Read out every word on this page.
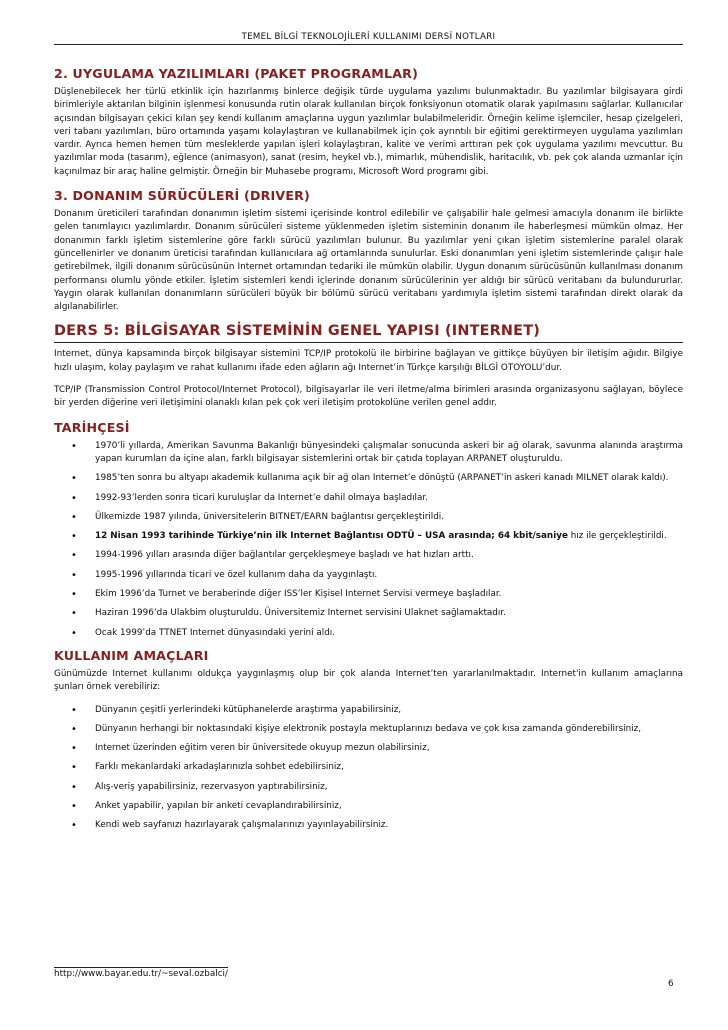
TEMEL BİLGİ TEKNOLOJİLERİ KULLANIMI DERSİ NOTLARI
2. UYGULAMA YAZILIMLARI (PAKET PROGRAMLAR)

Düşlenebilecek her türlü etkinlik için hazırlanmış binlerce değişik türde uygulama yazılımı bulunmaktadır. Bu yazılımlar bilgisayara girdi birimleriyle aktarılan bilginin işlenmesi konusunda rutin olarak kullanılan birçok fonksiyonun otomatik olarak yapılmasını sağlarlar. Kullanıcılar açısından bilgisayarı çekici kılan şey kendi kullanım amaçlarına uygun yazılımlar bulabilmeleridir. Örneğin kelime işlemciler, hesap çizelgeleri, veri tabanı yazılımları, büro ortamında yaşamı kolaylaştıran ve kullanabilmek için çok ayrıntılı bir eğitimi gerektirmeyen uygulama yazılımları vardır. Ayrıca hemen hemen tüm mesleklerde yapılan işleri kolaylaştıran, kalite ve verimi arttıran pek çok uygulama yazılımı mevcuttur. Bu yazılımlar moda (tasarım), eğlence (animasyon), sanat (resim, heykel vb.), mimarlık, mühendislik, haritacılık, vb. pek çok alanda uzmanlar için kaçınılmaz bir araç haline gelmiştir. Örneğin bir Muhasebe programı, Microsoft Word programı gibi.

3. DONANIM SÜRÜCÜLERİ (DRIVER)

Donanım üreticileri tarafından donanımın işletim sistemi içerisinde kontrol edilebilir ve çalışabilir hale gelmesi amacıyla donanım ile birlikte gelen tanımlayıcı yazılımlardır. Donanım sürücüleri sisteme yüklenmeden işletim sisteminin donanım ile haberleşmesi mümkün olmaz. Her donanımın farklı işletim sistemlerine göre farklı sürücü yazılımları bulunur. Bu yazılımlar yeni çıkan işletim sistemlerine paralel olarak güncellenirler ve donanım üreticisi tarafından kullanıcılara ağ ortamlarında sunulurlar. Eski donanımları yeni işletim sistemlerinde çalışır hale getirebilmek, ilgili donanım sürücüsünün Internet ortamından tedariki ile mümkün olabilir. Uygun donanım sürücüsünün kullanılması donanım performansı olumlu yönde etkiler. İşletim sistemleri kendi içlerinde donanım sürücülerinin yer aldığı bir sürücü veritabanı da bulundururlar. Yaygın olarak kullanılan donanımların sürücüleri büyük bir bölümü sürücü veritabanı yardımıyla işletim sistemi tarafından direkt olarak da algılanabilirler.

DERS 5: BİLGİSAYAR SİSTEMİNİN GENEL YAPISI (INTERNET)

Internet, dünya kapsamında birçok bilgisayar sistemini TCP/IP protokolü ile birbirine bağlayan ve gittikçe büyüyen bir iletişim ağıdır. Bilgiye hızlı ulaşım, kolay paylaşım ve rahat kullanımı ifade eden ağların ağı Internet’in Türkçe karşılığı BİLGİ OTOYOLU’dur.

TCP/IP (Transmission Control Protocol/Internet Protocol), bilgisayarlar ile veri iletme/alma birimleri arasında organizasyonu sağlayan, böylece bir yerden diğerine veri iletişimini olanaklı kılan pek çok veri iletişim protokolüne verilen genel addır.

TARİHÇESİ
• 1970’li yıllarda, Amerikan Savunma Bakanlığı bünyesindeki çalışmalar sonucunda askeri bir ağ olarak, savunma alanında araştırma yapan kurumları da içine alan, farklı bilgisayar sistemlerini ortak bir çatıda toplayan ARPANET oluşturuldu.
• 1985’ten sonra bu altyapı akademik kullanıma açık bir ağ olan Internet’e dönüştü (ARPANET’in askeri kanadı MILNET olarak kaldı).
• 1992-93’lerden sonra ticari kuruluşlar da Internet’e dahil olmaya başladılar.
• Ülkemizde 1987 yılında, üniversitelerin BITNET/EARN bağlantısı gerçekleştirildi.
• 12 Nisan 1993 tarihinde Türkiye’nin ilk Internet Bağlantısı ODTÜ – USA arasında; 64 kbit/saniye hız ile gerçekleştirildi.
• 1994-1996 yılları arasında diğer bağlantılar gerçekleşmeye başladı ve hat hızları arttı.
• 1995-1996 yıllarında ticari ve özel kullanım daha da yaygınlaştı.
• Ekim 1996’da Turnet ve beraberinde diğer ISS’ler Kişisel Internet Servisi vermeye başladılar.
• Haziran 1996’da Ulakbim oluşturuldu. Üniversitemiz Internet servisini Ulaknet sağlamaktadır.
• Ocak 1999’da TTNET Internet dünyasındaki yerini aldı.
KULLANIM AMAÇLARI

Günümüzde Internet kullanımı oldukça yaygınlaşmış olup bir çok alanda Internet’ten yararlanılmaktadır. Internet'in kullanım amaçlarına şunları örnek verebiliriz:

• Dünyanın çeşitli yerlerindeki kütüphanelerde araştırma yapabilirsiniz,
• Dünyanın herhangi bir noktasındaki kişiye elektronik postayla mektuplarınızı bedava ve çok kısa zamanda gönderebilirsiniz,
• Internet üzerinden eğitim veren bir üniversitede okuyup mezun olabilirsiniz,
• Farklı mekanlardaki arkadaşlarınızla sohbet edebilirsiniz,
• Alış-veriş yapabilirsiniz, rezervasyon yaptırabilirsiniz,
• Anket yapabilir, yapılan bir anketi cevaplandırabilirsiniz,
• Kendi web sayfanızı hazırlayarak çalışmalarınızı yayınlayabilirsiniz.
http://www.bayar.edu.tr/~seval.ozbalci/
6
